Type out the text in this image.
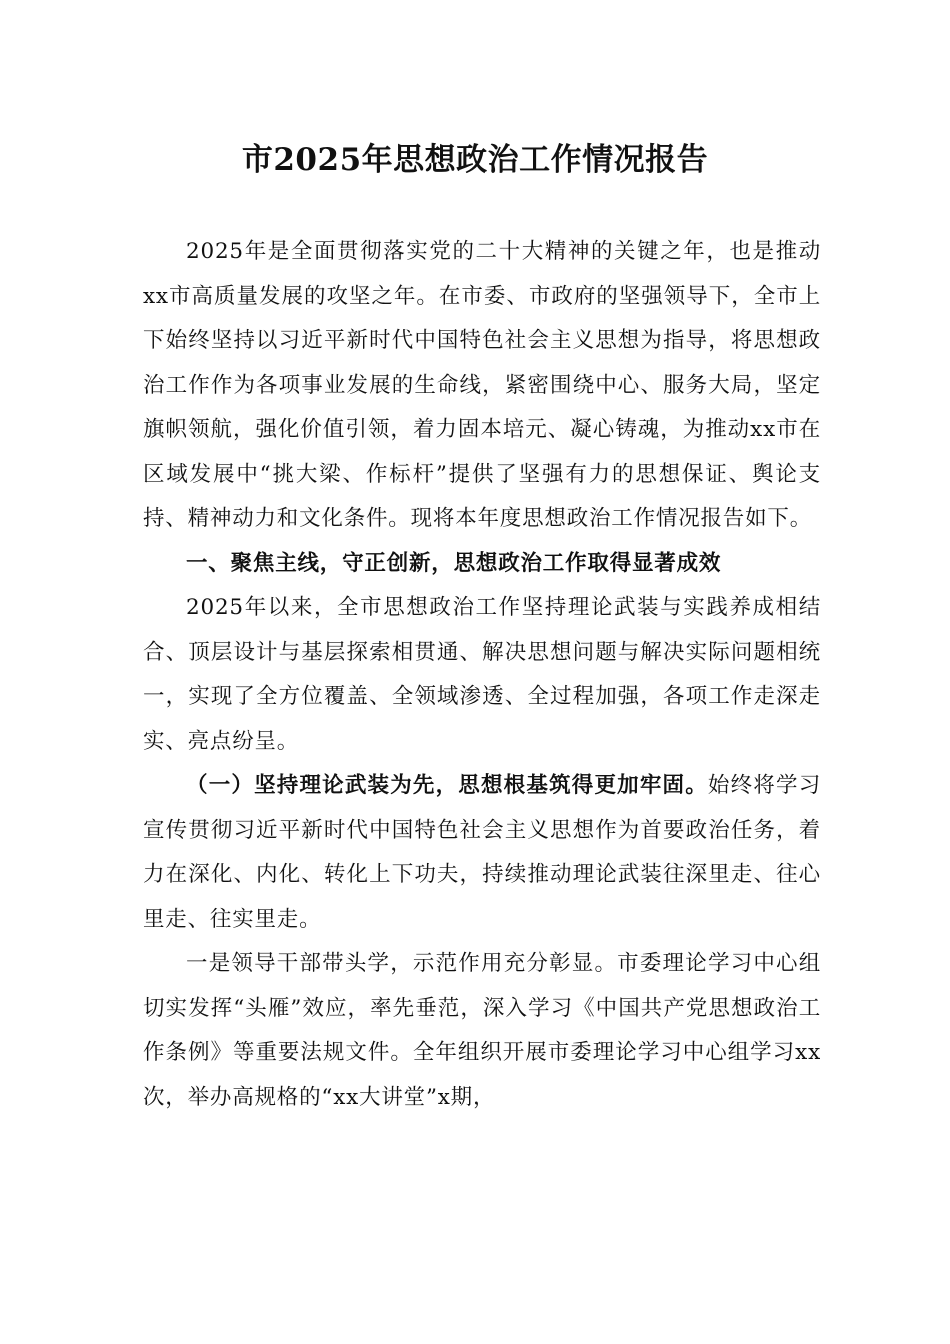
市2025年思想政治工作情况报告

2025年是全面贯彻落实党的二十大精神的关键之年，也是推动xx市高质量发展的攻坚之年。在市委、市政府的坚强领导下，全市上下始终坚持以习近平新时代中国特色社会主义思想为指导，将思想政治工作作为各项事业发展的生命线，紧密围绕中心、服务大局，坚定旗帜领航，强化价值引领，着力固本培元、凝心铸魂，为推动xx市在区域发展中“挑大梁、作标杆”提供了坚强有力的思想保证、舆论支持、精神动力和文化条件。现将本年度思想政治工作情况报告如下。

一、聚焦主线，守正创新，思想政治工作取得显著成效

2025年以来，全市思想政治工作坚持理论武装与实践养成相结合、顶层设计与基层探索相贯通、解决思想问题与解决实际问题相统一，实现了全方位覆盖、全领域渗透、全过程加强，各项工作走深走实、亮点纷呈。

（一）坚持理论武装为先，思想根基筑得更加牢固。始终将学习宣传贯彻习近平新时代中国特色社会主义思想作为首要政治任务，着力在深化、内化、转化上下功夫，持续推动理论武装往深里走、往心里走、往实里走。

一是领导干部带头学，示范作用充分彰显。市委理论学习中心组切实发挥“头雁”效应，率先垂范，深入学习《中国共产党思想政治工作条例》等重要法规文件。全年组织开展市委理论学习中心组学习xx次，举办高规格的“xx大讲堂”x期，
